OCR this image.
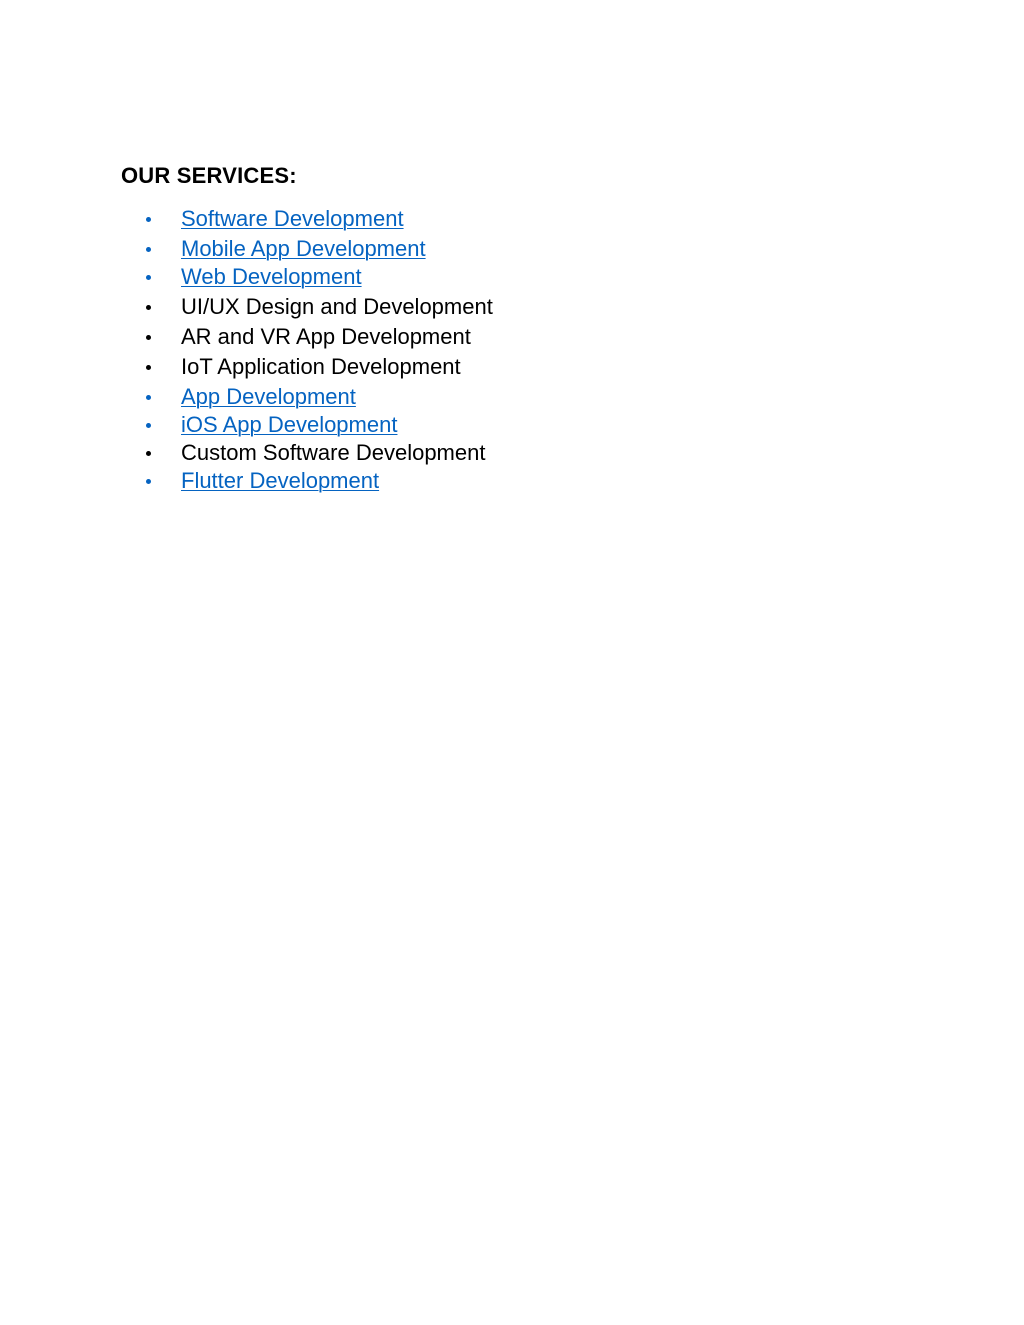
OUR SERVICES:
Software Development
Mobile App Development
Web Development
UI/UX Design and Development
AR and VR App Development
IoT Application Development
App Development
iOS App Development
Custom Software Development
Flutter Development
